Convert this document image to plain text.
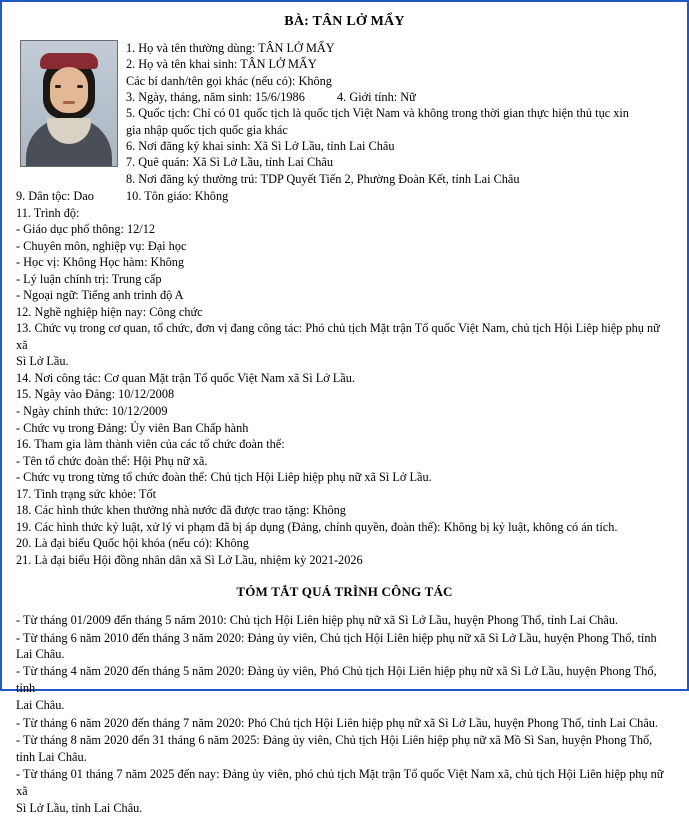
BÀ: TÂN LỞ MẨY
1. Họ và tên thường dùng: TÂN LỞ MẨY
2. Họ và tên khai sinh: TÂN LỞ MẨY
Các bí danh/tên gọi khác (nếu có): Không
3. Ngày, tháng, năm sinh: 15/6/1986	4. Giới tính: Nữ
5. Quốc tịch: Chỉ có 01 quốc tịch là quốc tịch Việt Nam và không trong thời gian thực hiện thủ tục xin
gia nhập quốc tịch quốc gia khác
6. Nơi đăng ký khai sinh: Xã Sì Lở Lầu, tỉnh Lai Châu
7. Quê quán: Xã Sì Lở Lầu, tỉnh Lai Châu
8. Nơi đăng ký thường trú: TDP Quyết Tiến 2, Phường Đoàn Kết, tỉnh Lai Châu
9. Dân tộc: Dao	10. Tôn giáo: Không
11. Trình độ:
- Giáo dục phổ thông: 12/12
- Chuyên môn, nghiệp vụ: Đại học
- Học vị: Không Học hàm: Không
- Lý luận chính trị: Trung cấp
- Ngoại ngữ: Tiếng anh trình độ A
12. Nghề nghiệp hiện nay: Công chức
13. Chức vụ trong cơ quan, tổ chức, đơn vị đang công tác: Phó chủ tịch Mặt trận Tổ quốc Việt Nam, chủ tịch Hội Liêp hiệp phụ nữ xã
Sì Lở Lầu.
14. Nơi công tác: Cơ quan Mặt trận Tổ quốc Việt Nam xã Sì Lở Lầu.
15. Ngày vào Đảng: 10/12/2008
- Ngày chính thức: 10/12/2009
- Chức vụ trong Đảng: Ủy viên Ban Chấp hành
16. Tham gia làm thành viên của các tổ chức đoàn thể:
- Tên tổ chức đoàn thể: Hội Phụ nữ xã.
- Chức vụ trong từng tổ chức đoàn thể: Chủ tịch Hội Liêp hiệp phụ nữ xã Sì Lở Lầu.
17. Tình trạng sức khỏe: Tốt
18. Các hình thức khen thưởng nhà nước đã được trao tặng: Không
19. Các hình thức kỷ luật, xử lý vi phạm đã bị áp dụng (Đảng, chính quyền, đoàn thể): Không bị kỷ luật, không có án tích.
20. Là đại biểu Quốc hội khóa (nếu có): Không
21. Là đại biểu Hội đồng nhân dân xã Sì Lở Lầu, nhiệm kỳ 2021-2026
TÓM TẮT QUÁ TRÌNH CÔNG TÁC
- Từ tháng 01/2009 đến tháng 5 năm 2010: Chủ tịch Hội Liên hiệp phụ nữ xã Sì Lở Lầu, huyện Phong Thổ, tỉnh Lai Châu.
- Từ tháng 6 năm 2010 đến tháng 3 năm 2020: Đảng ủy viên, Chủ tịch Hội Liên hiệp phụ nữ xã Sì Lở Lầu, huyện Phong Thổ, tỉnh Lai Châu.
- Từ tháng 4 năm 2020 đến tháng 5 năm 2020: Đảng ủy viên, Phó Chủ tịch Hội Liên hiệp phụ nữ xã Sì Lở Lầu, huyện Phong Thổ, tỉnh
Lai Châu.
- Từ tháng 6 năm 2020 đến tháng 7 năm 2020: Phó Chủ tịch Hội Liên hiệp phụ nữ xã Sì Lở Lầu, huyện Phong Thổ, tỉnh Lai Châu.
- Từ tháng 8 năm 2020 đến 31 tháng 6 năm 2025: Đảng ủy viên, Chủ tịch Hội Liên hiệp phụ nữ xã Mồ Sì San, huyện Phong Thổ, tỉnh Lai Châu.
- Từ tháng 01 tháng 7 năm 2025 đến nay: Đảng ủy viên, phó chủ tịch Mặt trận Tổ quốc Việt Nam xã, chủ tịch Hội Liên hiệp phụ nữ xã
Sì Lở Lầu, tỉnh Lai Châu.
